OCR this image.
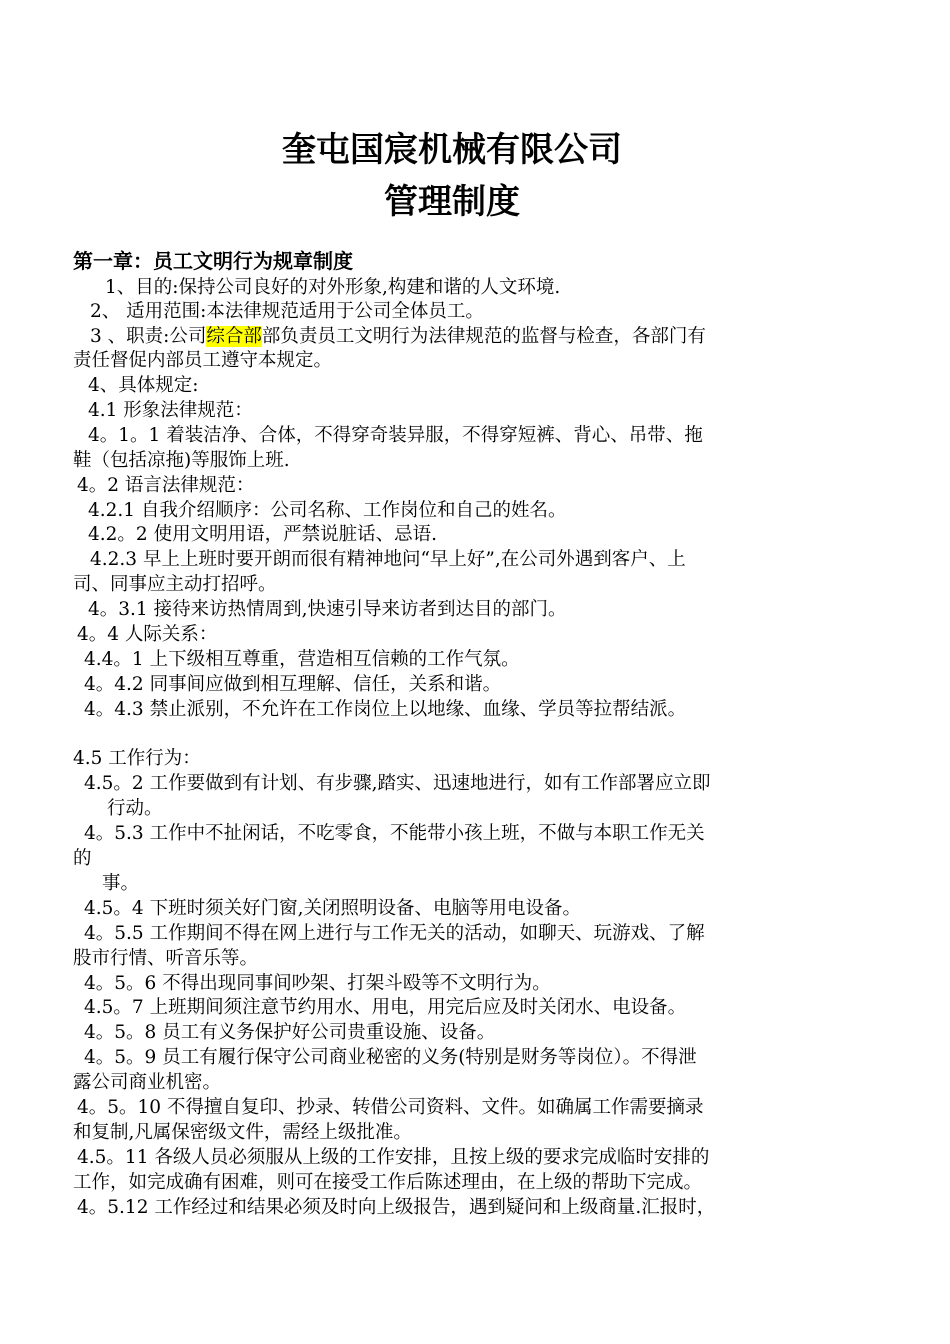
奎屯国宸机械有限公司
管理制度
第一章：员工文明行为规章制度
1、目的:保持公司良好的对外形象,构建和谐的人文环境.
2、 适用范围:本法律规范适用于公司全体员工。
3 、职责:公司综合部部负责员工文明行为法律规范的监督与检查，各部门有
责任督促内部员工遵守本规定。
4、具体规定:
4.1 形象法律规范：
4。1。1 着装洁净、合体，不得穿奇装异服，不得穿短裤、背心、吊带、拖
鞋（包括凉拖)等服饰上班.
4。2 语言法律规范：
4.2.1 自我介绍顺序：公司名称、工作岗位和自己的姓名。
4.2。2 使用文明用语，严禁说脏话、忌语.
4.2.3 早上上班时要开朗而很有精神地问“早上好”,在公司外遇到客户、上
司、同事应主动打招呼。
4。3.1 接待来访热情周到,快速引导来访者到达目的部门。
4。4 人际关系：
4.4。1 上下级相互尊重，营造相互信赖的工作气氛。
4。4.2 同事间应做到相互理解、信任，关系和谐。
4。4.3 禁止派别，不允许在工作岗位上以地缘、血缘、学员等拉帮结派。
4.5 工作行为：
4.5。2 工作要做到有计划、有步骤,踏实、迅速地进行，如有工作部署应立即
行动。
4。5.3 工作中不扯闲话，不吃零食，不能带小孩上班，不做与本职工作无关
的
事。
4.5。4 下班时须关好门窗,关闭照明设备、电脑等用电设备。
4。5.5 工作期间不得在网上进行与工作无关的活动，如聊天、玩游戏、了解
股市行情、听音乐等。
4。5。6 不得出现同事间吵架、打架斗殴等不文明行为。
4.5。7 上班期间须注意节约用水、用电，用完后应及时关闭水、电设备。
4。5。8 员工有义务保护好公司贵重设施、设备。
4。5。9 员工有履行保守公司商业秘密的义务(特别是财务等岗位）。不得泄
露公司商业机密。
4。5。10 不得擅自复印、抄录、转借公司资料、文件。如确属工作需要摘录
和复制,凡属保密级文件，需经上级批准。
4.5。11 各级人员必须服从上级的工作安排，且按上级的要求完成临时安排的
工作，如完成确有困难，则可在接受工作后陈述理由，在上级的帮助下完成。
4。5.12 工作经过和结果必须及时向上级报告，遇到疑问和上级商量.汇报时，
